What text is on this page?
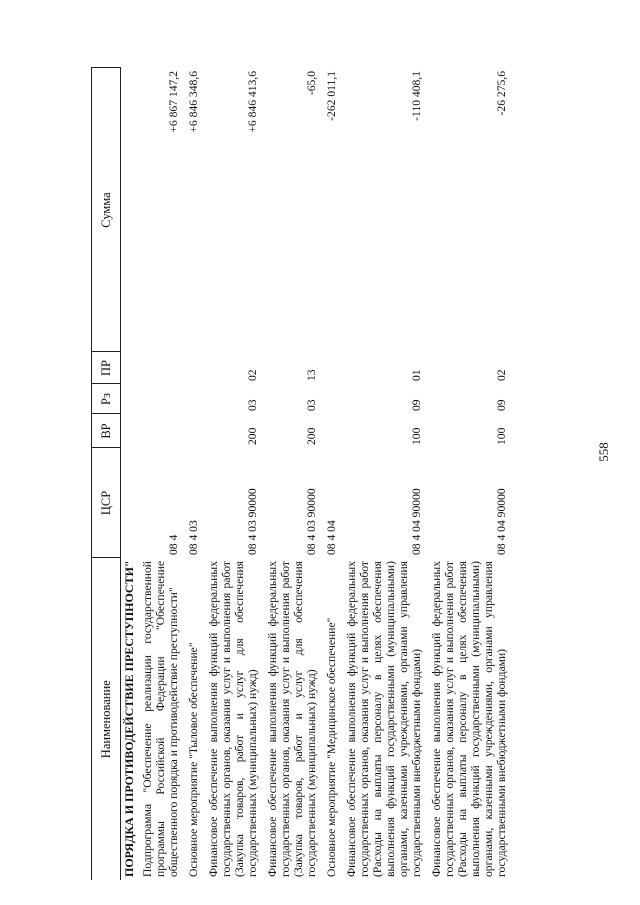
558
Наименование	ЦСР	ВР	Рз	ПР	Сумма
ПОРЯДКА И ПРОТИВОДЕЙСТВИЕ ПРЕСТУПНОСТИ"					
Подпрограмма "Обеспечение реализации государственной программы Российской Федерации "Обеспечение общественного порядка и противодействие преступности"	08 4				+6 867 147,2
Основное мероприятие "Тыловое обеспечение"	08 4 03				+6 846 348,6
Финансовое обеспечение выполнения функций федеральных государственных органов, оказания услуг и выполнения работ (Закупка товаров, работ и услуг для обеспечения государственных (муниципальных) нужд)	08 4 03 90000	200	03	02	+6 846 413,6
Финансовое обеспечение выполнения функций федеральных государственных органов, оказания услуг и выполнения работ (Закупка товаров, работ и услуг для обеспечения государственных (муниципальных) нужд)	08 4 03 90000	200	03	13	-65,0
Основное мероприятие "Медицинское обеспечение"	08 4 04				-262 011,1
Финансовое обеспечение выполнения функций федеральных государственных органов, оказания услуг и выполнения работ (Расходы на выплаты персоналу в целях обеспечения выполнения функций государственными (муниципальными) органами, казенными учреждениями, органами управления государственными внебюджетными фондами)	08 4 04 90000	100	09	01	-110 408,1
Финансовое обеспечение выполнения функций федеральных государственных органов, оказания услуг и выполнения работ (Расходы на выплаты персоналу в целях обеспечения выполнения функций государственными (муниципальными) органами, казенными учреждениями, органами управления государственными внебюджетными фондами)	08 4 04 90000	100	09	02	-26 275,6
